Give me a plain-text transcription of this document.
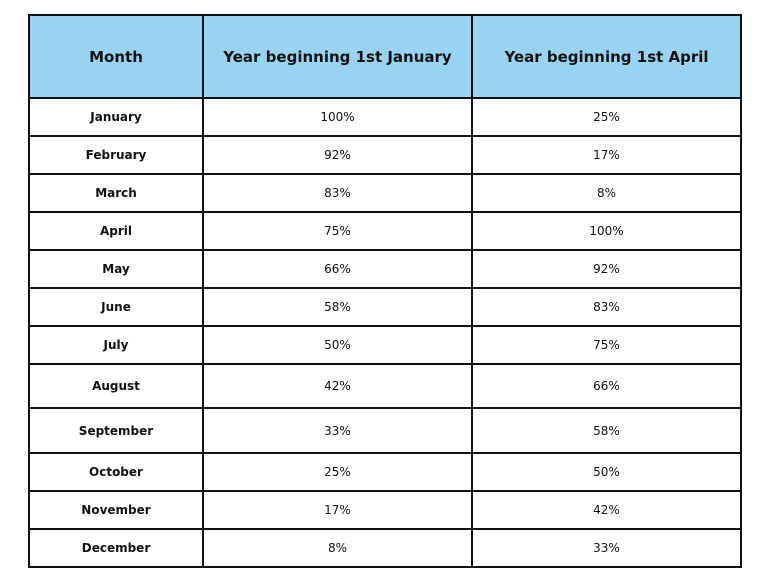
Month	Year beginning 1st January	Year beginning 1st April
January	100%	25%
February	92%	17%
March	83%	8%
April	75%	100%
May	66%	92%
June	58%	83%
July	50%	75%
August	42%	66%
September	33%	58%
October	25%	50%
November	17%	42%
December	8%	33%
